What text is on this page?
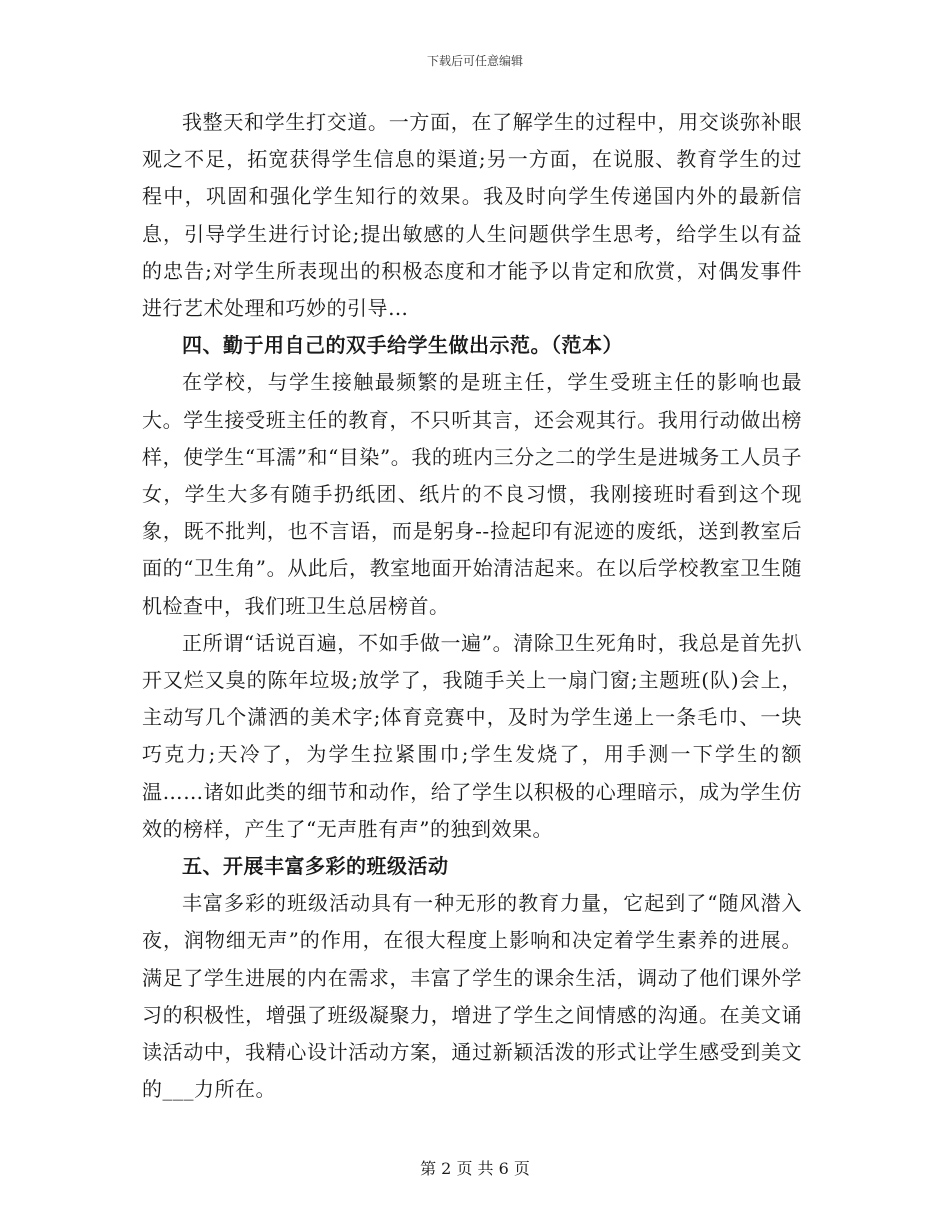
下载后可任意编辑

我整天和学生打交道。一方面，在了解学生的过程中，用交谈弥补眼观之不足，拓宽获得学生信息的渠道;另一方面，在说服、教育学生的过程中，巩固和强化学生知行的效果。我及时向学生传递国内外的最新信息，引导学生进行讨论;提出敏感的人生问题供学生思考，给学生以有益的忠告;对学生所表现出的积极态度和才能予以肯定和欣赏，对偶发事件进行艺术处理和巧妙的引导…

四、勤于用自己的双手给学生做出示范。（范本）

在学校，与学生接触最频繁的是班主任，学生受班主任的影响也最大。学生接受班主任的教育，不只听其言，还会观其行。我用行动做出榜样，使学生“耳濡”和“目染”。我的班内三分之二的学生是进城务工人员子女，学生大多有随手扔纸团、纸片的不良习惯，我刚接班时看到这个现象，既不批判，也不言语，而是躬身--捡起印有泥迹的废纸，送到教室后面的“卫生角”。从此后，教室地面开始清洁起来。在以后学校教室卫生随机检查中，我们班卫生总居榜首。

正所谓“话说百遍，不如手做一遍”。清除卫生死角时，我总是首先扒开又烂又臭的陈年垃圾;放学了，我随手关上一扇门窗;主题班(队)会上，主动写几个潇洒的美术字;体育竞赛中，及时为学生递上一条毛巾、一块巧克力;天冷了，为学生拉紧围巾;学生发烧了，用手测一下学生的额温……诸如此类的细节和动作，给了学生以积极的心理暗示，成为学生仿效的榜样，产生了“无声胜有声”的独到效果。

五、开展丰富多彩的班级活动

丰富多彩的班级活动具有一种无形的教育力量，它起到了“随风潜入夜，润物细无声”的作用，在很大程度上影响和决定着学生素养的进展。满足了学生进展的内在需求，丰富了学生的课余生活，调动了他们课外学习的积极性，增强了班级凝聚力，增进了学生之间情感的沟通。在美文诵读活动中，我精心设计活动方案，通过新颖活泼的形式让学生感受到美文的___力所在。

第 2 页 共 6 页
